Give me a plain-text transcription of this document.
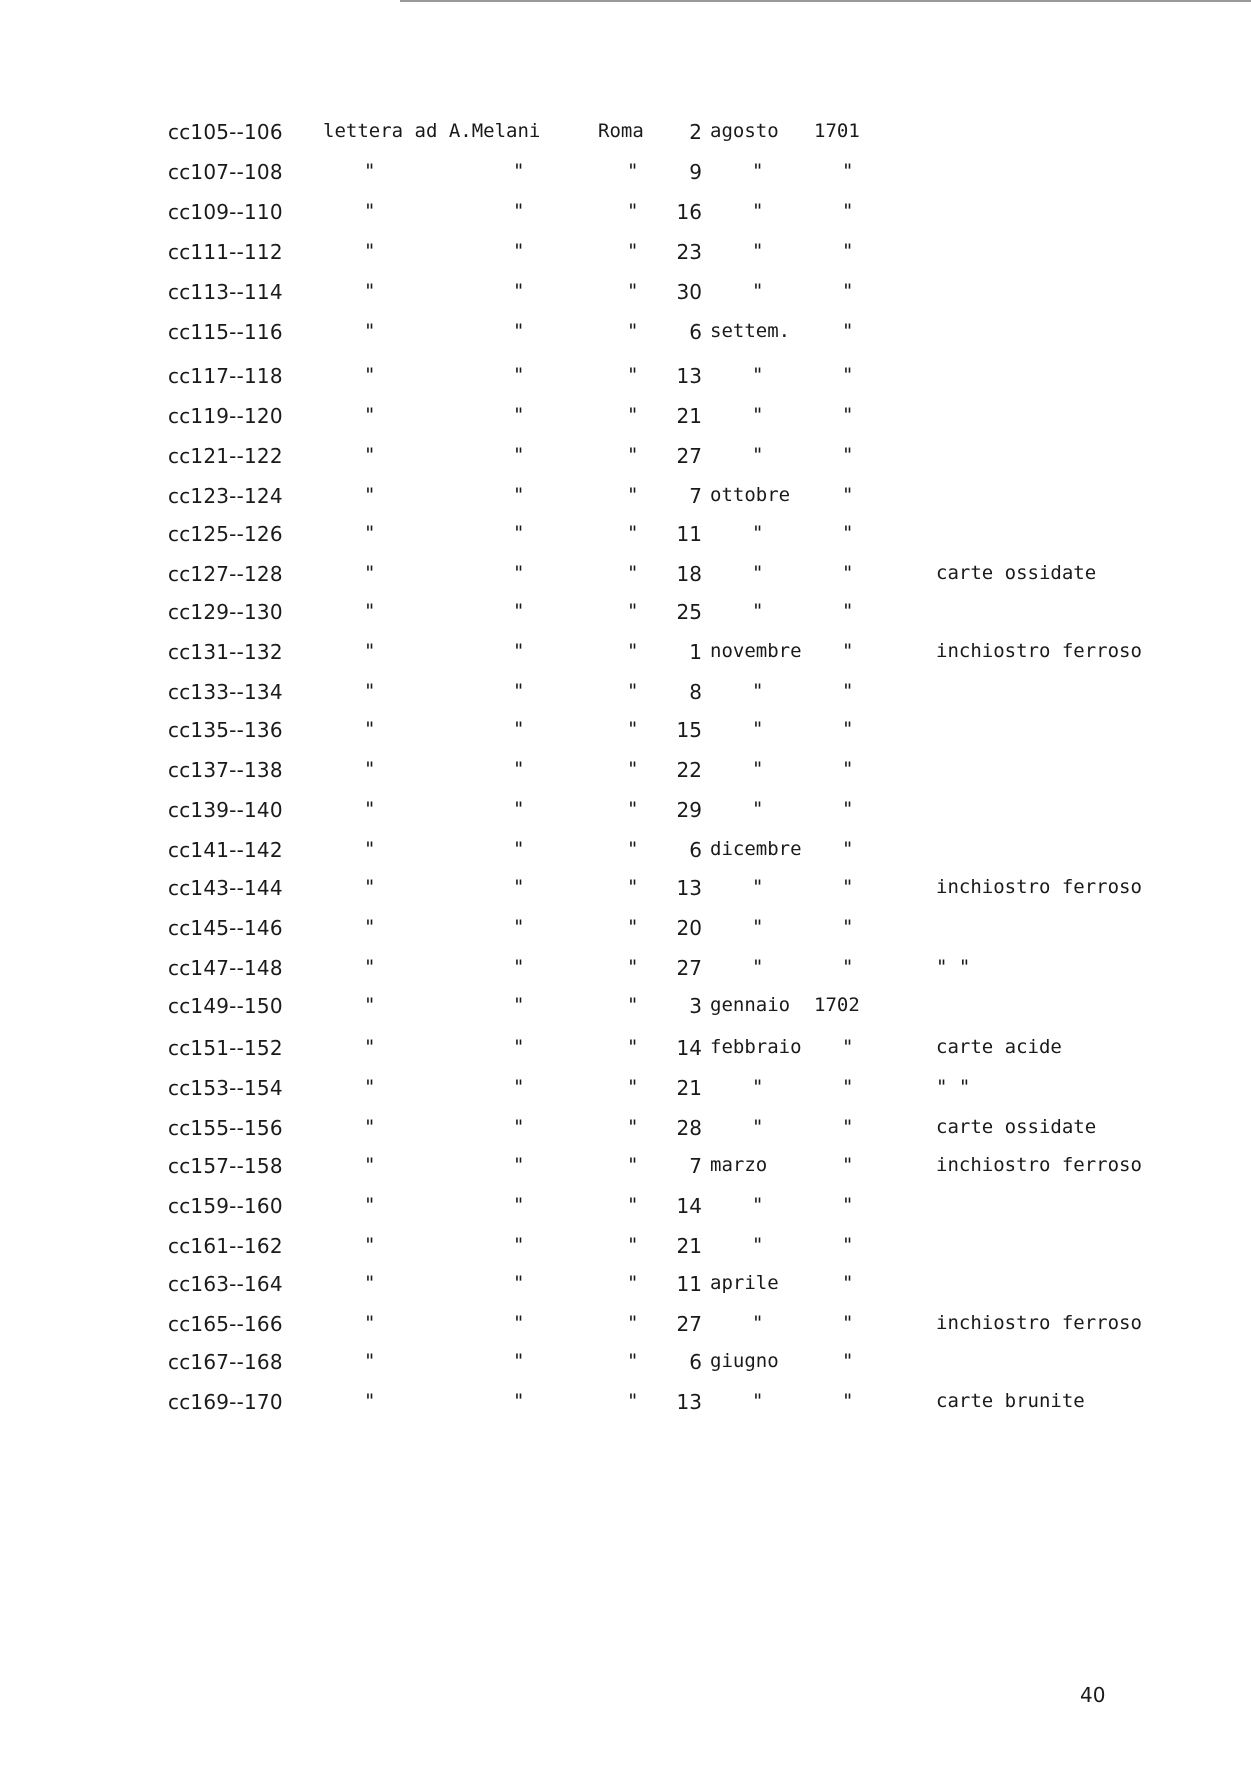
cc105--106 lettera ad A.Melani	Roma	2 agosto 1701
cc107--108	"	"	"	9	"	"
cc109--110	"	"	"	16	"	"
cc111--112	"	"	"	23	"	"
cc113--114	"	"	"	30	"	"
cc115--116	"	"	"	6 settem.	"
cc117--118	"	"	"	13	"	"
cc119--120	"	"	"	21	"	"
cc121--122	"	"	"	27	"	"
cc123--124	"	"	"	7 ottobre	"
cc125--126	"	"	"	11	"	"
cc127--128	"	"	"	18	"	"	carte ossidate
cc129--130	"	"	"	25	"	"
cc131--132	"	"	"	1 novembre "	inchiostro ferroso
cc133--134	"	"	"	8	"	"
cc135--136	"	"	"	15	"	"
cc137--138	"	"	"	22	"	"
cc139--140	"	"	"	29	"	"
cc141--142	"	"	"	6 dicembre "
cc143--144	"	"	"	13	"	"	inchiostro ferroso
cc145--146	"	"	"	20	"	"
cc147--148	"	"	"	27	"	"	" "
cc149--150	"	"	"	3 gennaio 1702
cc151--152	"	"	"	14 febbraio "	carte acide
cc153--154	"	"	"	21	"	"	" "
cc155--156	"	"	"	28	"	"	carte ossidate
cc157--158	"	"	"	7 marzo	"	inchiostro ferroso
cc159--160	"	"	"	14	"	"
cc161--162	"	"	"	21	"	"
cc163--164	"	"	"	11 aprile	"
cc165--166	"	"	"	27	"	"	inchiostro ferroso
cc167--168	"	"	"	6 giugno	"
cc169--170	"	"	"	13	"	"	carte brunite
40
